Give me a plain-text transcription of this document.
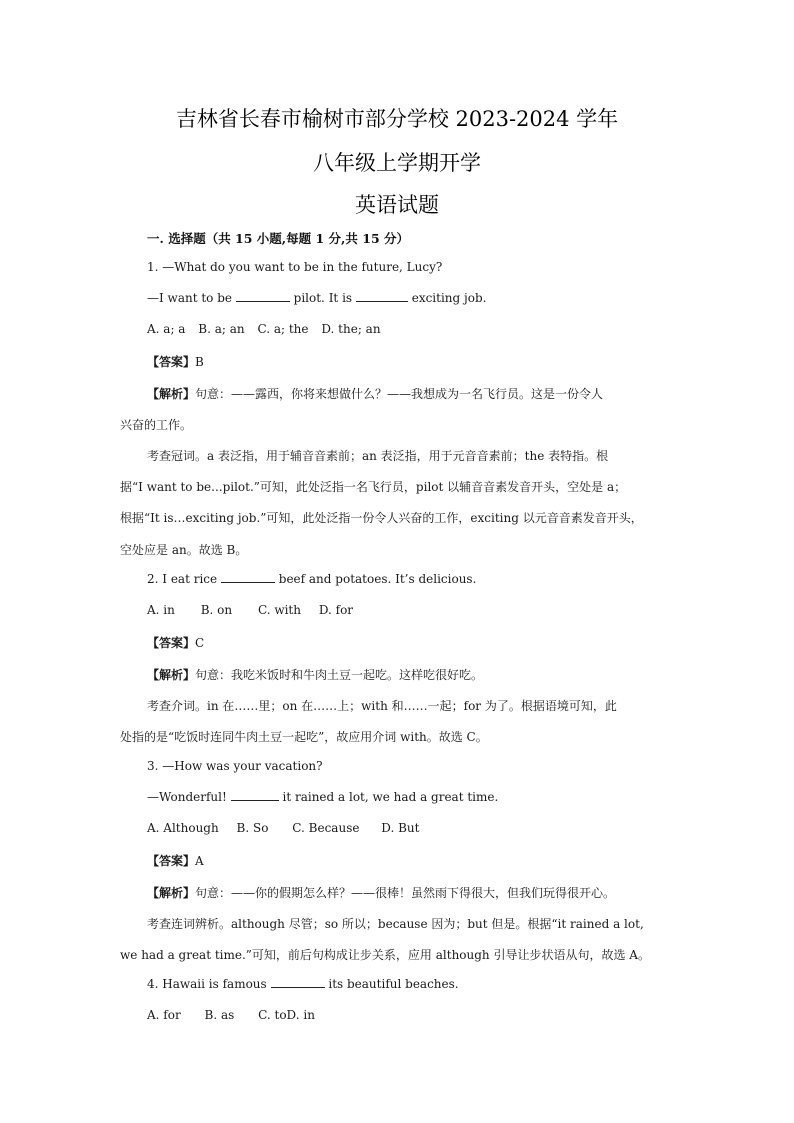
吉林省长春市榆树市部分学校 2023-2024 学年
八年级上学期开学
英语试题
一. 选择题（共 15 小题,每题 1 分,共 15 分）
1. —What do you want to be in the future, Lucy?
—I want to be	pilot. It is	exciting job.
A. a; a B. a; an C. a; the D. the; an
【答案】B
【解析】句意：——露西，你将来想做什么？——我想成为一名飞行员。这是一份令人
兴奋的工作。
考查冠词。a 表泛指，用于辅音音素前；an 表泛指，用于元音音素前；the 表特指。根
据“I want to be...pilot.”可知，此处泛指一名飞行员，pilot 以辅音音素发音开头，空处是 a；
根据“It is…exciting job.”可知，此处泛指一份令人兴奋的工作，exciting 以元音音素发音开头，
空处应是 an。故选 B。
2. I eat rice	beef and potatoes. It’s delicious.
A. in B. on C. with D. for
【答案】C
【解析】句意：我吃米饭时和牛肉土豆一起吃。这样吃很好吃。
考查介词。in 在……里；on 在……上；with 和……一起；for 为了。根据语境可知，此
处指的是“吃饭时连同牛肉土豆一起吃”，故应用介词 with。故选 C。
3. —How was your vacation?
—Wonderful!	it rained a lot, we had a great time.
A. Although B. So C. Because D. But
【答案】A
【解析】句意：——你的假期怎么样？——很棒！虽然雨下得很大，但我们玩得很开心。
考查连词辨析。although 尽管；so 所以；because 因为；but 但是。根据“it rained a lot,
we had a great time.”可知，前后句构成让步关系，应用 although 引导让步状语从句，故选 A。
4. Hawaii is famous	its beautiful beaches.
A. for B. as C. toD. in
